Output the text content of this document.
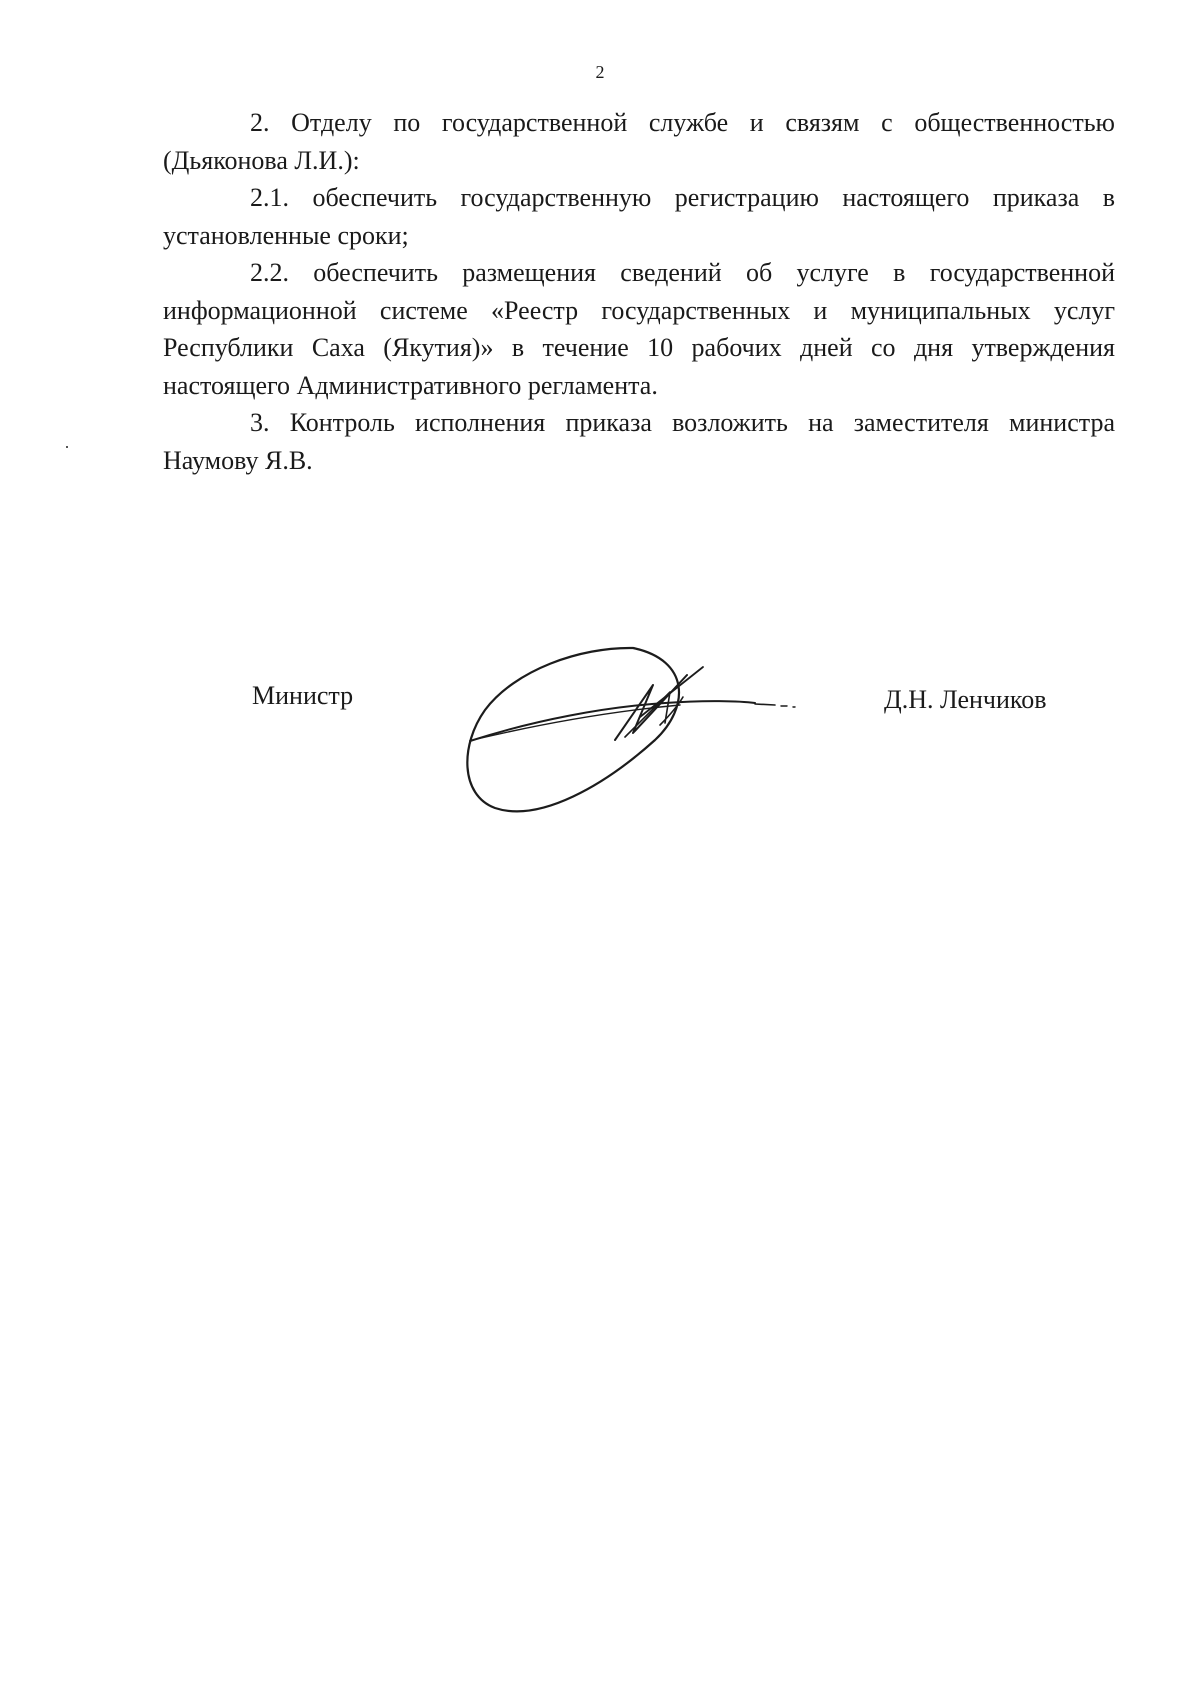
2

2. Отделу по государственной службе и связям с общественностью (Дьяконова Л.И.):

2.1. обеспечить государственную регистрацию настоящего приказа в установленные сроки;

2.2. обеспечить размещения сведений об услуге в государственной информационной системе «Реестр государственных и муниципальных услуг Республики Саха (Якутия)» в течение 10 рабочих дней со дня утверждения настоящего Административного регламента.

3. Контроль исполнения приказа возложить на заместителя министра Наумову Я.В.

Министр	Д.Н. Ленчиков
